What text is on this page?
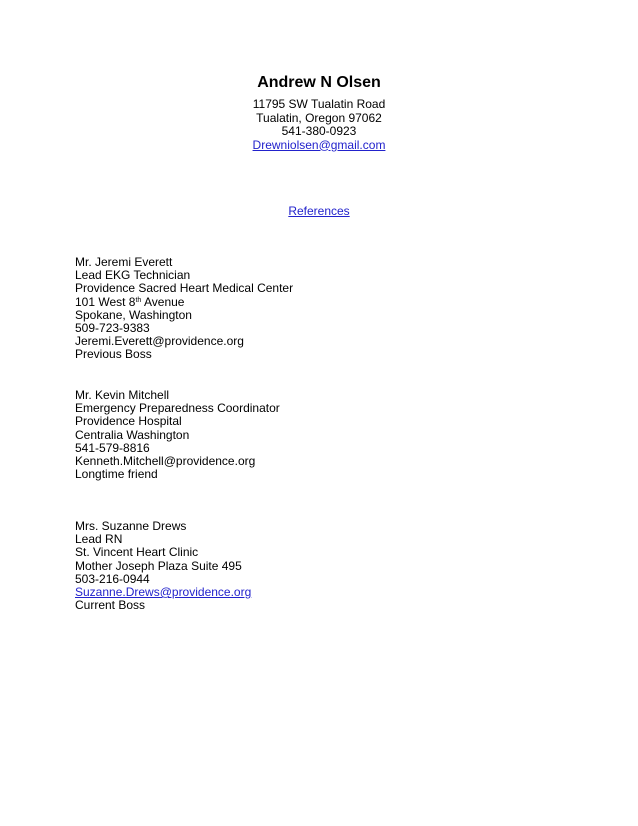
Andrew N Olsen
11795 SW Tualatin Road
Tualatin, Oregon 97062
541-380-0923
Drewniolsen@gmail.com
References
Mr. Jeremi Everett
Lead EKG Technician
Providence Sacred Heart Medical Center
101 West 8th Avenue
Spokane, Washington
509-723-9383
Jeremi.Everett@providence.org
Previous Boss
Mr. Kevin Mitchell
Emergency Preparedness Coordinator
Providence Hospital
Centralia Washington
541-579-8816
Kenneth.Mitchell@providence.org
Longtime friend
Mrs. Suzanne Drews
Lead RN
St. Vincent Heart Clinic
Mother Joseph Plaza Suite 495
503-216-0944
Suzanne.Drews@providence.org
Current Boss
